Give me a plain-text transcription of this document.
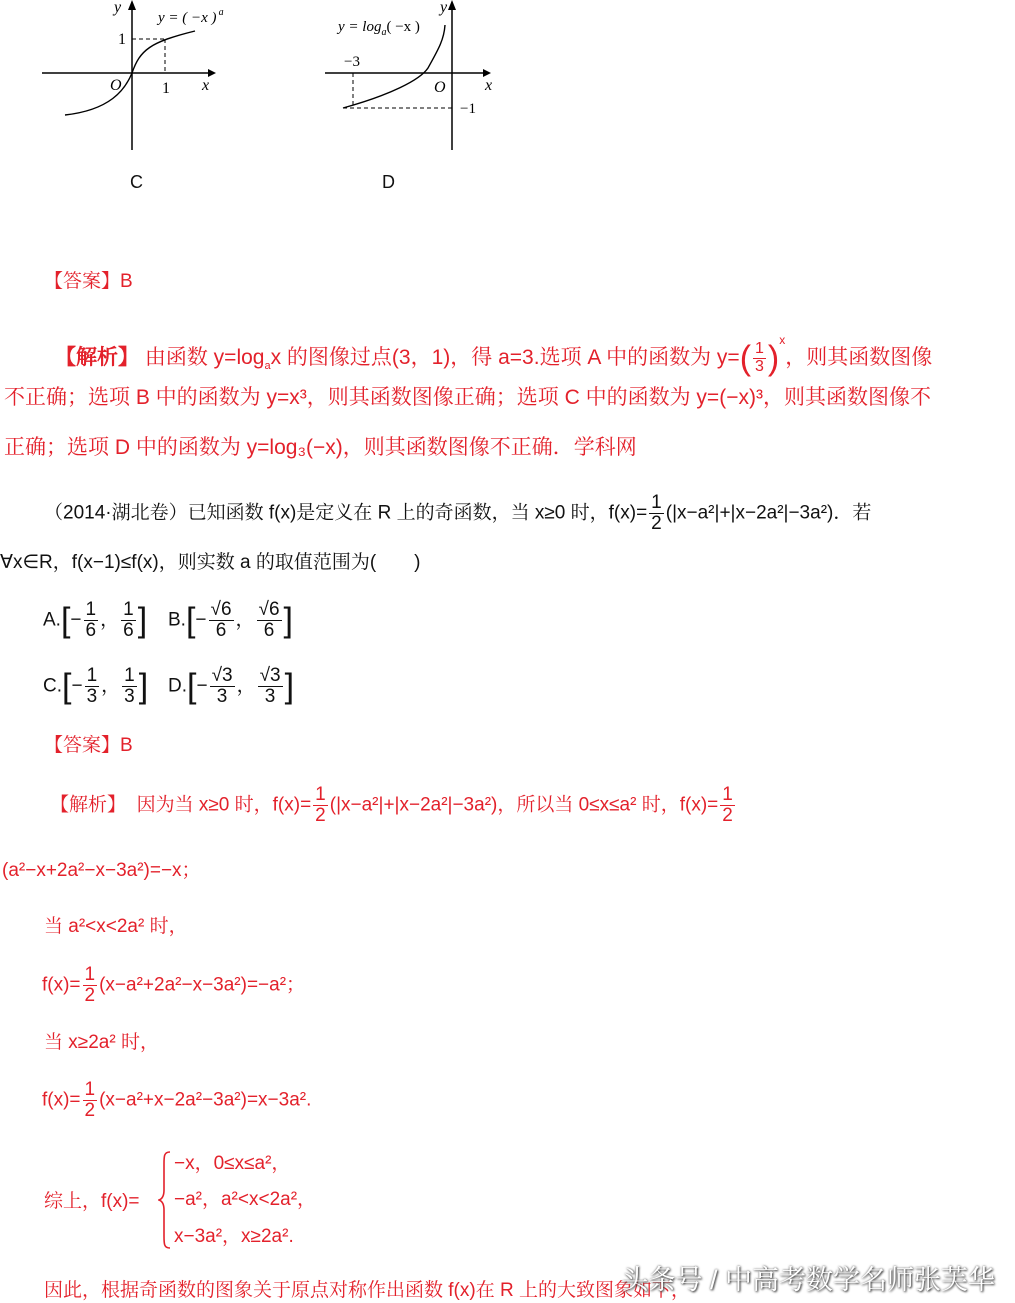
y
y = ( −x ) $^a$
1
O	1 x
C
y
$y = \log_a( -x$ )
−3
O
−1
x
D
【答案】B
【解析】 由函数 $y=\log_ax$ 的图像过点(3，1)，得 a=3.选项 A 中的函数为 $y=( \frac{1}{3} )^x$，则其函数图像
不正确；选项 B 中的函数为 y=x³，则其函数图像正确；选项 C 中的函数为 y=(−x)³，则其函数图像不
正确；选项 D 中的函数为 y=log₃(−x)，则其函数图像不正确．学科网
（2014·湖北卷）已知函数 f(x)是定义在 R 上的奇函数，当 x≥0 时，$f(x)= \frac{1}{2} (|x-a^2|+|x-2a^2|-3a^2)$．若
∀x∈R，f(x−1)≤f(x)，则实数 a 的取值范围为(　　)
$A.[- \frac{1}{6}$ ， $\frac{1}{6}$ ] $B.[- \frac{√6}{6}$ ， $\frac{√6}{6}$ ]
$C.[- \frac{1}{3}$ ， $\frac{1}{3}$ ] $D.[- \frac{√3}{3}$ ， $\frac{√3}{3}$ ]
【答案】B
【解析】 因为当 x≥0 时，$f(x)= \frac{1}{2} (|x-a^2|+|x-2a^2|-3a^2)$，所以当 0≤x≤a² 时，$f(x)= \frac{1}{2}$
(a²−x+2a²−x−3a²)=−x；
当 a²<x<2a² 时，
$f(x)= \frac{1}{2} (x-a^2+2a^2-x-3a^2)=-a^2$；
当 x≥2a² 时，
$f(x)= \frac{1}{2} (x-a^2+x-2a^2-3a^2)=x-3a^2$.
综上，f(x)=
−x，0≤x≤a²，
−a²，a²<x<2a²，
x−3a²，x≥2a².
因此，根据奇函数的图象关于原点对称作出函数 f(x)在 R 上的大致图象如下，
头条号 / 中高考数学名师张芙华
